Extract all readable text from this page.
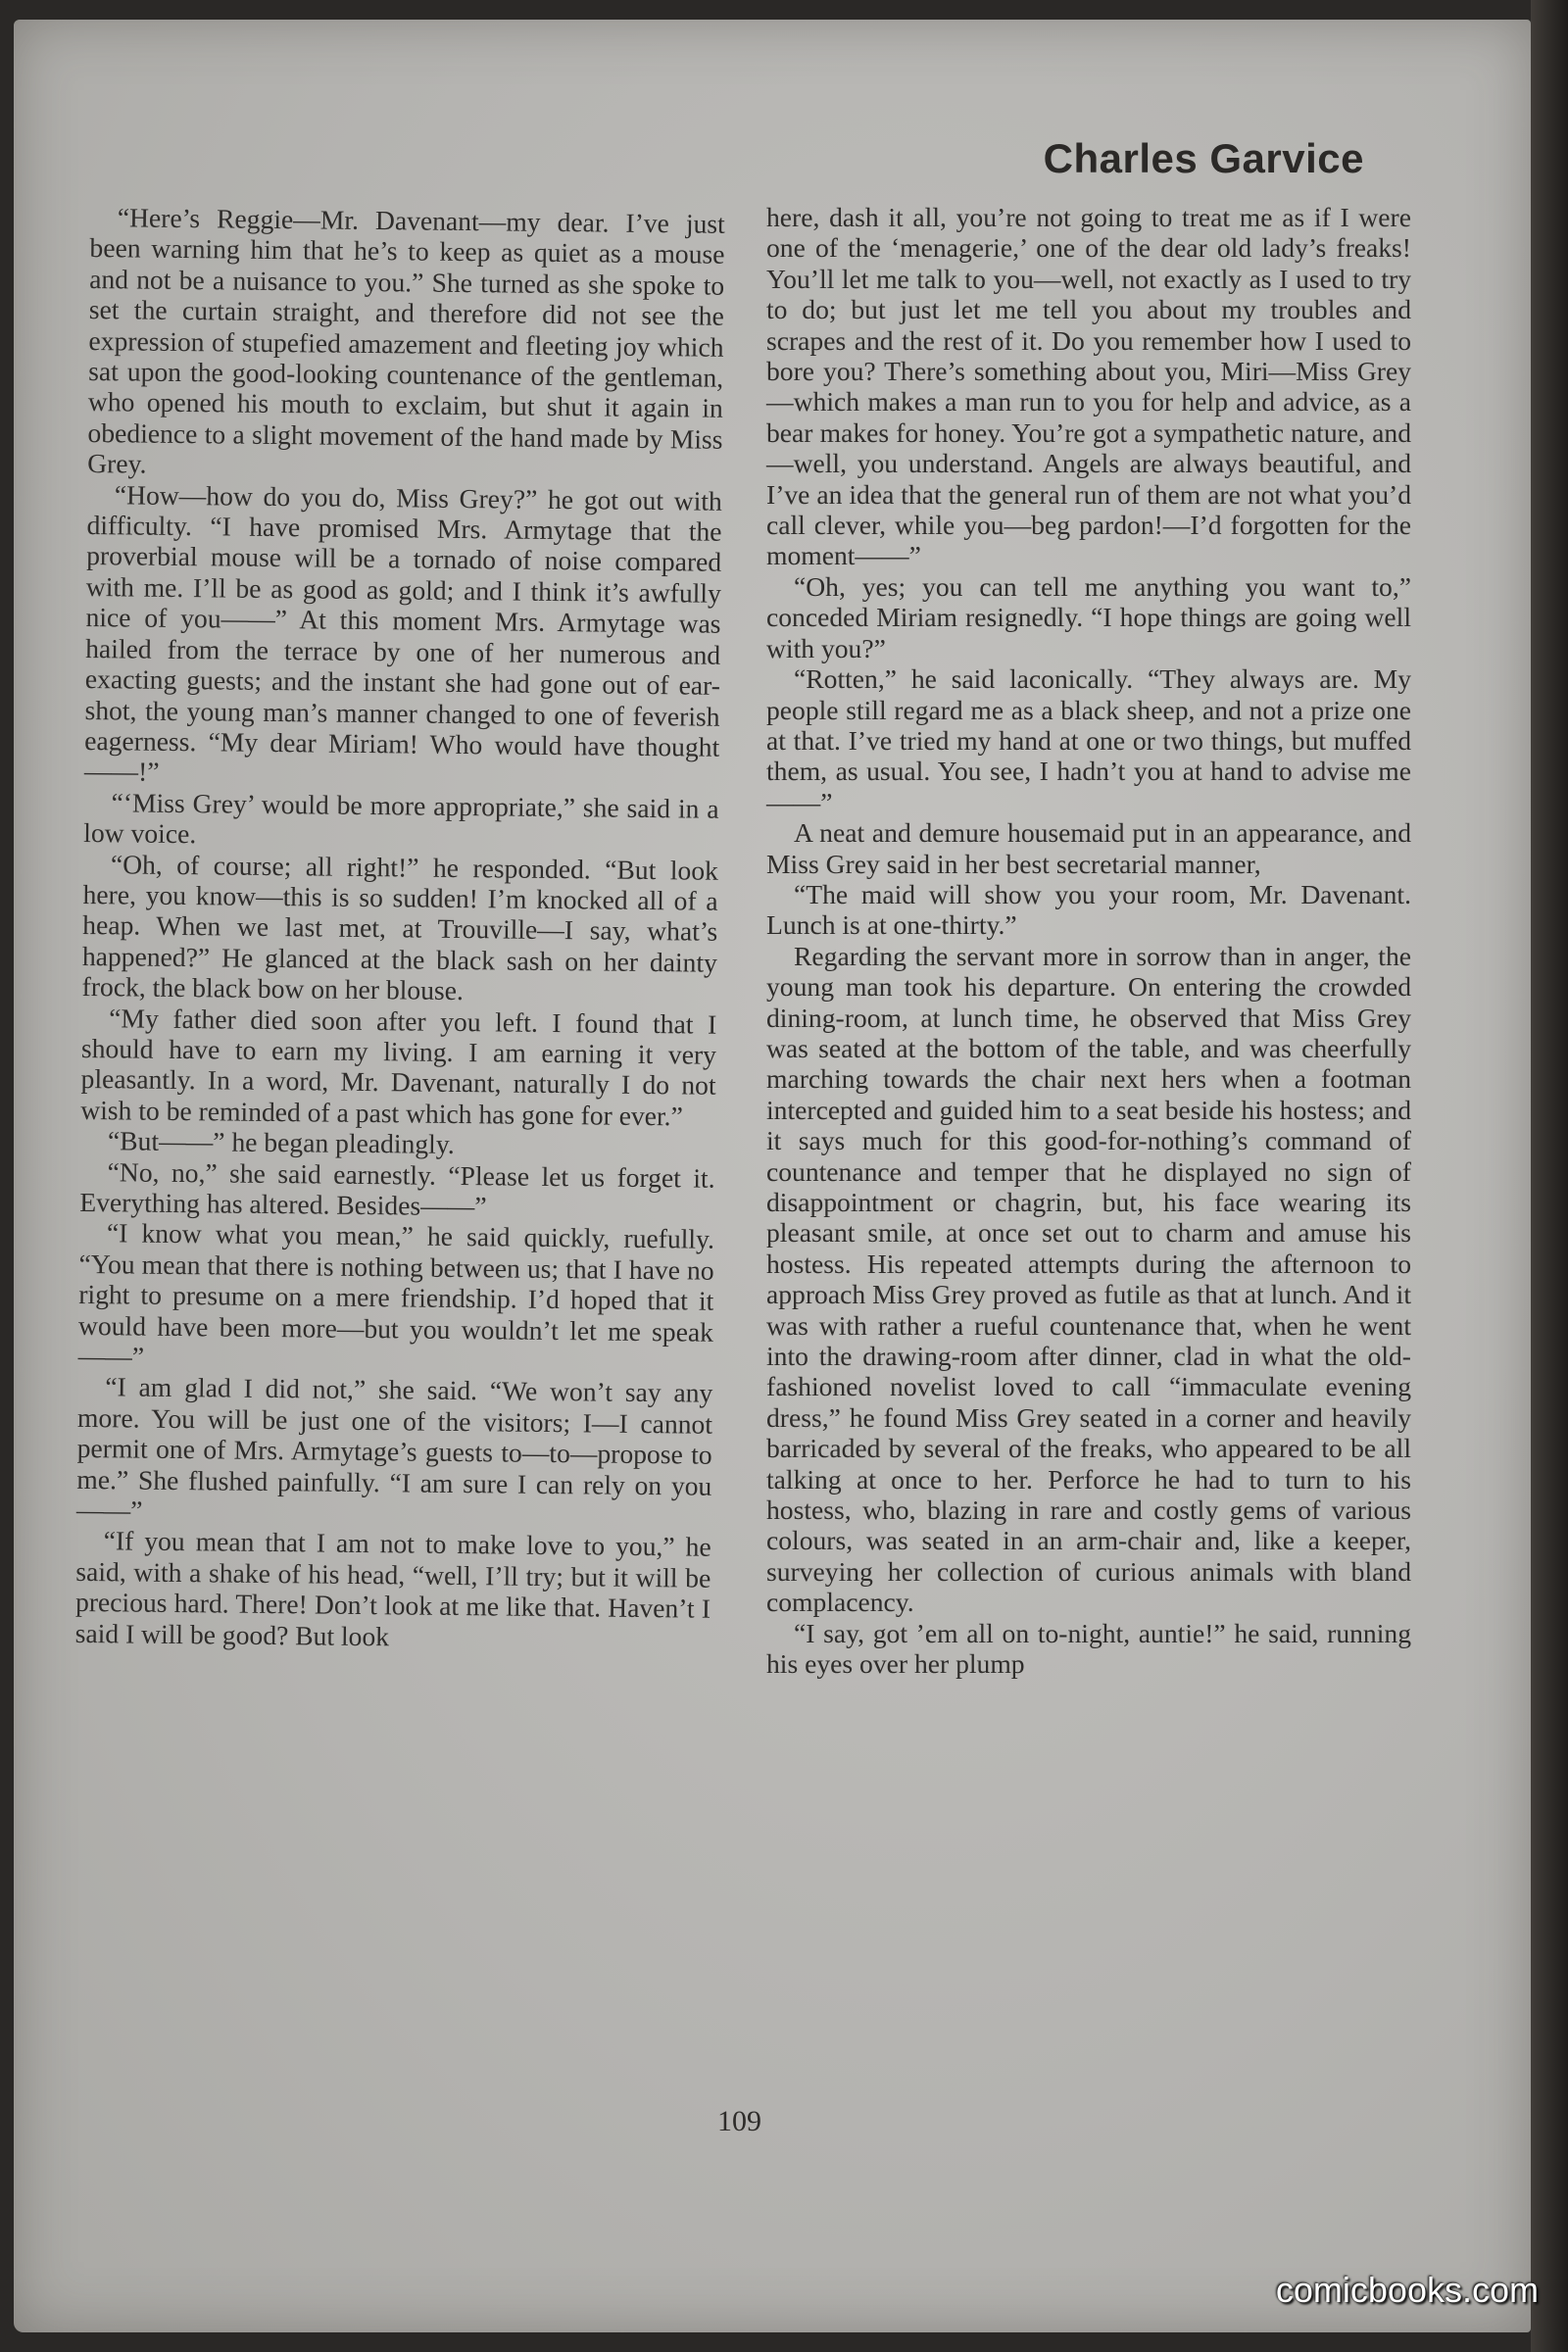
Charles Garvice

“Here’s Reggie—Mr. Davenant—my dear. I’ve just been warning him that he’s to keep as quiet as a mouse and not be a nuisance to you.” She turned as she spoke to set the curtain straight, and therefore did not see the expression of stupefied amazement and fleeting joy which sat upon the good-looking countenance of the gentleman, who opened his mouth to exclaim, but shut it again in obedience to a slight movement of the hand made by Miss Grey.

“How—how do you do, Miss Grey?” he got out with difficulty. “I have promised Mrs. Armytage that the proverbial mouse will be a tornado of noise compared with me. I’ll be as good as gold; and I think it’s awfully nice of you——” At this moment Mrs. Armytage was hailed from the terrace by one of her numerous and exacting guests; and the instant she had gone out of ear-shot, the young man’s manner changed to one of feverish eagerness. “My dear Miriam! Who would have thought——!”

“‘Miss Grey’ would be more appropriate,” she said in a low voice.

“Oh, of course; all right!” he responded. “But look here, you know—this is so sudden! I’m knocked all of a heap. When we last met, at Trouville—I say, what’s happened?” He glanced at the black sash on her dainty frock, the black bow on her blouse.

“My father died soon after you left. I found that I should have to earn my living. I am earning it very pleasantly. In a word, Mr. Davenant, naturally I do not wish to be reminded of a past which has gone for ever.”

“But——” he began pleadingly.

“No, no,” she said earnestly. “Please let us forget it. Everything has altered. Besides——”

“I know what you mean,” he said quickly, ruefully. “You mean that there is nothing between us; that I have no right to presume on a mere friendship. I’d hoped that it would have been more—but you wouldn’t let me speak——”

“I am glad I did not,” she said. “We won’t say any more. You will be just one of the visitors; I—I cannot permit one of Mrs. Armytage’s guests to—to—propose to me.” She flushed painfully. “I am sure I can rely on you——”

“If you mean that I am not to make love to you,” he said, with a shake of his head, “well, I’ll try; but it will be precious hard. There! Don’t look at me like that. Haven’t I said I will be good? But look

here, dash it all, you’re not going to treat me as if I were one of the ‘menagerie,’ one of the dear old lady’s freaks! You’ll let me talk to you—well, not exactly as I used to try to do; but just let me tell you about my troubles and scrapes and the rest of it. Do you remember how I used to bore you? There’s something about you, Miri—Miss Grey—which makes a man run to you for help and advice, as a bear makes for honey. You’re got a sympathetic nature, and—well, you understand. Angels are always beautiful, and I’ve an idea that the general run of them are not what you’d call clever, while you—beg pardon!—I’d forgotten for the moment——”

“Oh, yes; you can tell me anything you want to,” conceded Miriam resignedly. “I hope things are going well with you?”

“Rotten,” he said laconically. “They always are. My people still regard me as a black sheep, and not a prize one at that. I’ve tried my hand at one or two things, but muffed them, as usual. You see, I hadn’t you at hand to advise me——”

A neat and demure housemaid put in an appearance, and Miss Grey said in her best secretarial manner,

“The maid will show you your room, Mr. Davenant. Lunch is at one-thirty.”

Regarding the servant more in sorrow than in anger, the young man took his departure. On entering the crowded dining-room, at lunch time, he observed that Miss Grey was seated at the bottom of the table, and was cheerfully marching towards the chair next hers when a footman intercepted and guided him to a seat beside his hostess; and it says much for this good-for-nothing’s command of countenance and temper that he displayed no sign of disappointment or chagrin, but, his face wearing its pleasant smile, at once set out to charm and amuse his hostess. His repeated attempts during the afternoon to approach Miss Grey proved as futile as that at lunch. And it was with rather a rueful countenance that, when he went into the drawing-room after dinner, clad in what the old-fashioned novelist loved to call “immaculate evening dress,” he found Miss Grey seated in a corner and heavily barricaded by several of the freaks, who appeared to be all talking at once to her. Perforce he had to turn to his hostess, who, blazing in rare and costly gems of various colours, was seated in an arm-chair and, like a keeper, surveying her collection of curious animals with bland complacency.

“I say, got ’em all on to-night, auntie!” he said, running his eyes over her plump

109
comicbooks.com
